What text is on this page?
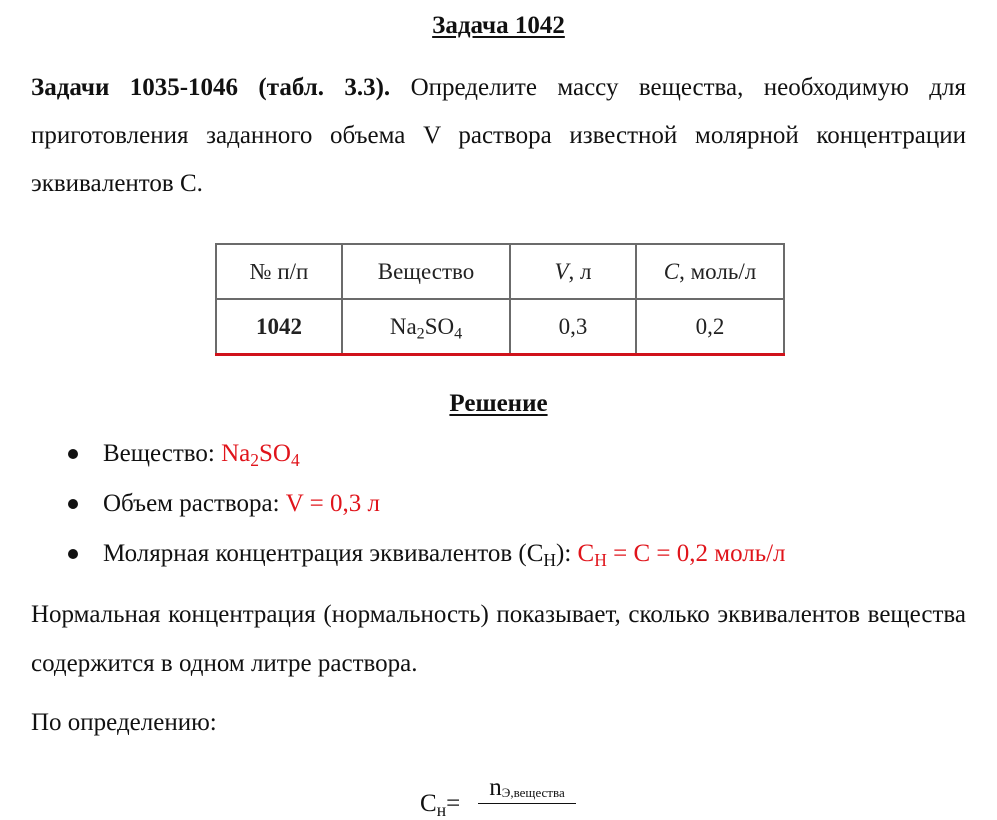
Задача 1042

Задачи 1035-1046 (табл. 3.3). Определите массу вещества, необходимую для приготовления заданного объема V раствора известной молярной концентрации эквивалентов С.

№ п/п	Вещество	V, л	C, моль/л
1042	$Na_2SO_4$	0,3	0,2
Решение
Вещество: $Na_2SO_4$
Объем раствора: V = 0,3 л
Молярная концентрация эквивалентов $(С_Н)$: $С_Н = С = 0,2$ моль/л

Нормальная концентрация (нормальность) показывает, сколько эквивалентов вещества содержится в одном литре раствора.

По определению:

$C_н=$
$n_{Э,вещества}$
